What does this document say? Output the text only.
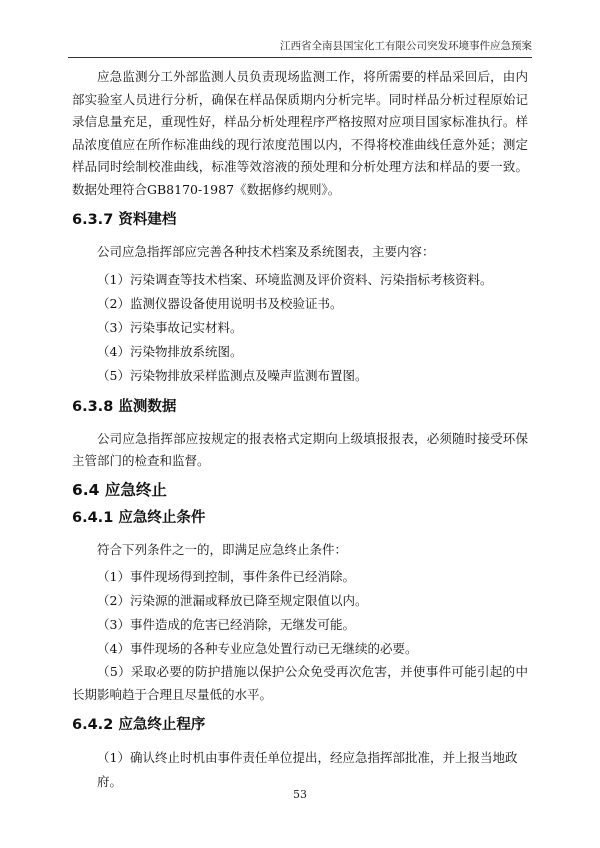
江西省全南县国宝化工有限公司突发环境事件应急预案

应急监测分工外部监测人员负责现场监测工作，将所需要的样品采回后，由内部实验室人员进行分析，确保在样品保质期内分析完毕。同时样品分析过程原始记录信息量充足，重现性好，样品分析处理程序严格按照对应项目国家标准执行。样品浓度值应在所作标准曲线的现行浓度范围以内，不得将校准曲线任意外延；测定样品同时绘制校准曲线，标准等效溶液的预处理和分析处理方法和样品的要一致。数据处理符合GB8170-1987《数据修约规则》。

6.3.7 资料建档

公司应急指挥部应完善各种技术档案及系统图表，主要内容：

（1）污染调查等技术档案、环境监测及评价资料、污染指标考核资料。

（2）监测仪器设备使用说明书及校验证书。

（3）污染事故记实材料。

（4）污染物排放系统图。

（5）污染物排放采样监测点及噪声监测布置图。

6.3.8 监测数据

公司应急指挥部应按规定的报表格式定期向上级填报报表，必须随时接受环保主管部门的检查和监督。

6.4 应急终止
6.4.1 应急终止条件

符合下列条件之一的，即满足应急终止条件：

（1）事件现场得到控制，事件条件已经消除。

（2）污染源的泄漏或释放已降至规定限值以内。

（3）事件造成的危害已经消除，无继发可能。

（4）事件现场的各种专业应急处置行动已无继续的必要。

（5）采取必要的防护措施以保护公众免受再次危害，并使事件可能引起的中长期影响趋于合理且尽量低的水平。

6.4.2 应急终止程序

（1）确认终止时机由事件责任单位提出，经应急指挥部批准，并上报当地政府。

53
